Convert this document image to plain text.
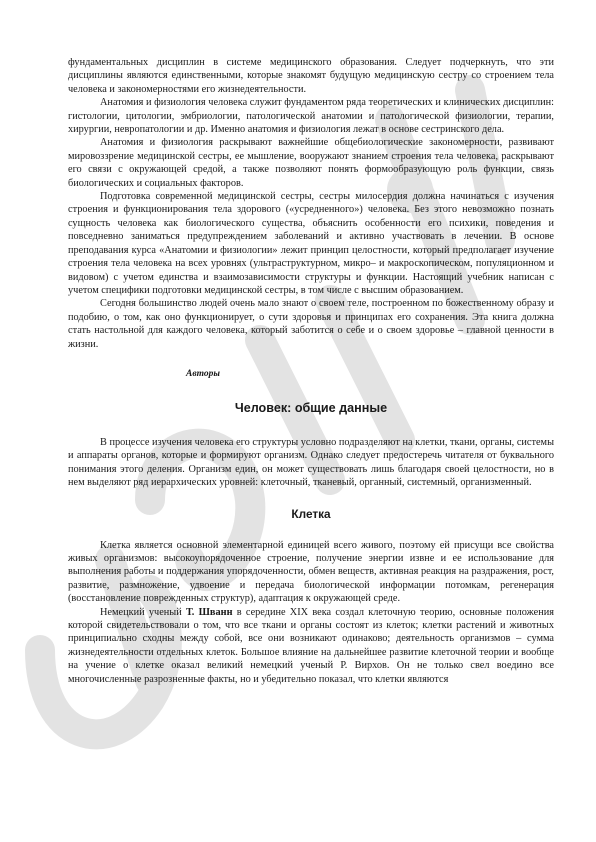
фундаментальных дисциплин в системе медицинского образования. Следует подчеркнуть, что эти дисциплины являются единственными, которые знакомят будущую медицинскую сестру со строением тела человека и закономерностями его жизнедеятельности.

Анатомия и физиология человека служит фундаментом ряда теоретических и клинических дисциплин: гистологии, цитологии, эмбриологии, патологической анатомии и патологической физиологии, терапии, хирургии, невропатологии и др. Именно анатомия и физиология лежат в основе сестринского дела.

Анатомия и физиология раскрывают важнейшие общебиологические закономерности, развивают мировоззрение медицинской сестры, ее мышление, вооружают знанием строения тела человека, раскрывают его связи с окружающей средой, а также позволяют понять формообразующую роль функции, связь биологических и социальных факторов.

Подготовка современной медицинской сестры, сестры милосердия должна начинаться с изучения строения и функционирования тела здорового («усредненного») человека. Без этого невозможно познать сущность человека как биологического существа, объяснить особенности его психики, поведения и повседневно заниматься предупреждением заболеваний и активно участвовать в лечении. В основе преподавания курса «Анатомии и физиологии» лежит принцип целостности, который предполагает изучение строения тела человека на всех уровнях (ультраструктурном, микро– и макроскопическом, популяционном и видовом) с учетом единства и взаимозависимости структуры и функции. Настоящий учебник написан с учетом специфики подготовки медицинской сестры, в том числе с высшим образованием.

Сегодня большинство людей очень мало знают о своем теле, построенном по божественному образу и подобию, о том, как оно функционирует, о сути здоровья и принципах его сохранения. Эта книга должна стать настольной для каждого человека, который заботится о себе и о своем здоровье – главной ценности в жизни.

Авторы
Человек: общие данные

В процессе изучения человека его структуры условно подразделяют на клетки, ткани, органы, системы и аппараты органов, которые и формируют организм. Однако следует предостеречь читателя от буквального понимания этого деления. Организм един, он может существовать лишь благодаря своей целостности, но в нем выделяют ряд иерархических уровней: клеточный, тканевый, органный, системный, организменный.

Клетка

Клетка является основной элементарной единицей всего живого, поэтому ей присущи все свойства живых организмов: высокоупорядоченное строение, получение энергии извне и ее использование для выполнения работы и поддержания упорядоченности, обмен веществ, активная реакция на раздражения, рост, развитие, размножение, удвоение и передача биологической информации потомкам, регенерация (восстановление поврежденных структур), адаптация к окружающей среде.

Немецкий ученый Т. Шванн в середине XIX века создал клеточную теорию, основные положения которой свидетельствовали о том, что все ткани и органы состоят из клеток; клетки растений и животных принципиально сходны между собой, все они возникают одинаково; деятельность организмов – сумма жизнедеятельности отдельных клеток. Большое влияние на дальнейшее развитие клеточной теории и вообще на учение о клетке оказал великий немецкий ученый Р. Вирхов. Он не только свел воедино все многочисленные разрозненные факты, но и убедительно показал, что клетки являются
